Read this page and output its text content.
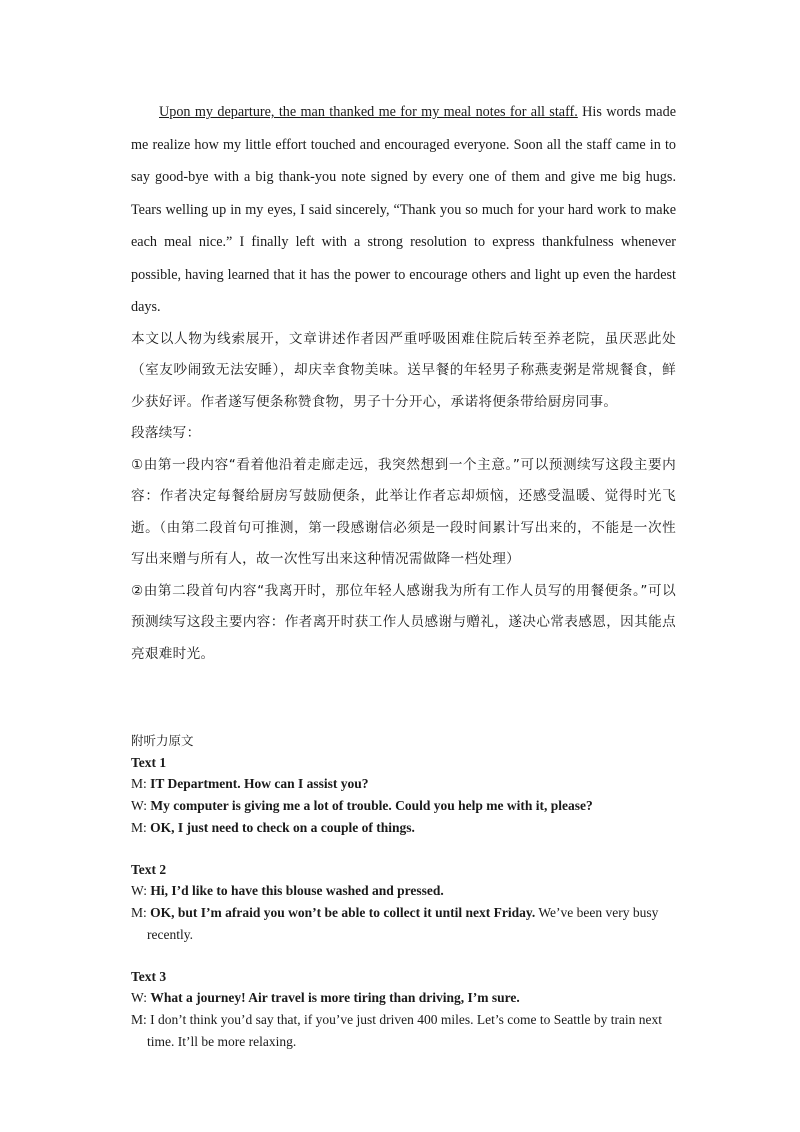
Upon my departure, the man thanked me for my meal notes for all staff. His words made me realize how my little effort touched and encouraged everyone. Soon all the staff came in to say good-bye with a big thank-you note signed by every one of them and give me big hugs. Tears welling up in my eyes, I said sincerely, “Thank you so much for your hard work to make each meal nice.” I finally left with a strong resolution to express thankfulness whenever possible, having learned that it has the power to encourage others and light up even the hardest days.

本文以人物为线索展开，文章讲述作者因严重呼吸困难住院后转至养老院，虽厌恶此处（室友吵闹致无法安睡），却庆幸食物美味。送早餐的年轻男子称燕麦粥是常规餐食，鲜少获好评。作者遂写便条称赞食物，男子十分开心，承诺将便条带给厨房同事。

段落续写：

①由第一段内容“看着他沿着走廊走远，我突然想到一个主意。”可以预测续写这段主要内容：作者决定每餐给厨房写鼓励便条，此举让作者忘却烦恼，还感受温暖、觉得时光飞逝。（由第二段首句可推测，第一段感谢信必须是一段时间累计写出来的，不能是一次性写出来赠与所有人，故一次性写出来这种情况需做降一档处理）

②由第二段首句内容“我离开时，那位年轻人感谢我为所有工作人员写的用餐便条。”可以预测续写这段主要内容：作者离开时获工作人员感谢与赠礼，遂决心常表感恩，因其能点亮艰难时光。

附听力原文

Text 1

M: IT Department. How can I assist you?

W: My computer is giving me a lot of trouble. Could you help me with it, please?

M: OK, I just need to check on a couple of things.

Text 2

W: Hi, I’d like to have this blouse washed and pressed.

M: OK, but I’m afraid you won’t be able to collect it until next Friday. We’ve been very busy recently.

Text 3

W: What a journey! Air travel is more tiring than driving, I’m sure.

M: I don’t think you’d say that, if you’ve just driven 400 miles. Let’s come to Seattle by train next time. It’ll be more relaxing.
